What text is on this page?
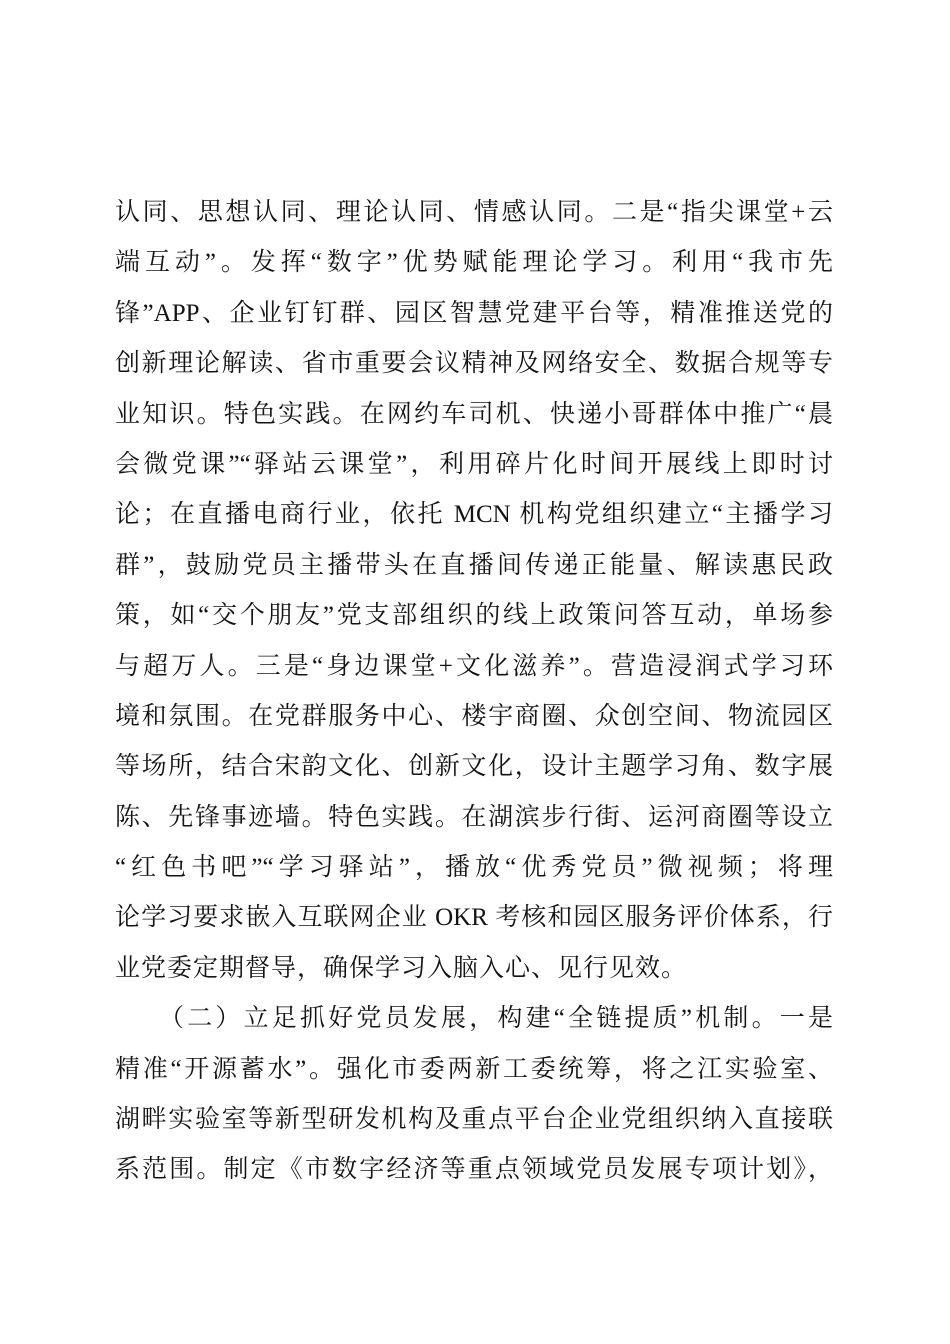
认同、思想认同、理论认同、情感认同。二是“指尖课堂+云
端互动”。发挥“数字”优势赋能理论学习。利用“我市先
锋”APP、企业钉钉群、园区智慧党建平台等，精准推送党的
创新理论解读、省市重要会议精神及网络安全、数据合规等专
业知识。特色实践。在网约车司机、快递小哥群体中推广“晨
会微党课”“驿站云课堂”，利用碎片化时间开展线上即时讨
论；在直播电商行业，依托 MCN 机构党组织建立“主播学习
群”，鼓励党员主播带头在直播间传递正能量、解读惠民政
策，如“交个朋友”党支部组织的线上政策问答互动，单场参
与超万人。三是“身边课堂+文化滋养”。营造浸润式学习环
境和氛围。在党群服务中心、楼宇商圈、众创空间、物流园区
等场所，结合宋韵文化、创新文化，设计主题学习角、数字展
陈、先锋事迹墙。特色实践。在湖滨步行街、运河商圈等设立
“红色书吧”“学习驿站”，播放“优秀党员”微视频；将理
论学习要求嵌入互联网企业 OKR 考核和园区服务评价体系，行
业党委定期督导，确保学习入脑入心、见行见效。
（二）立足抓好党员发展，构建“全链提质”机制。一是
精准“开源蓄水”。强化市委两新工委统筹，将之江实验室、
湖畔实验室等新型研发机构及重点平台企业党组织纳入直接联
系范围。制定《市数字经济等重点领域党员发展专项计划》，
